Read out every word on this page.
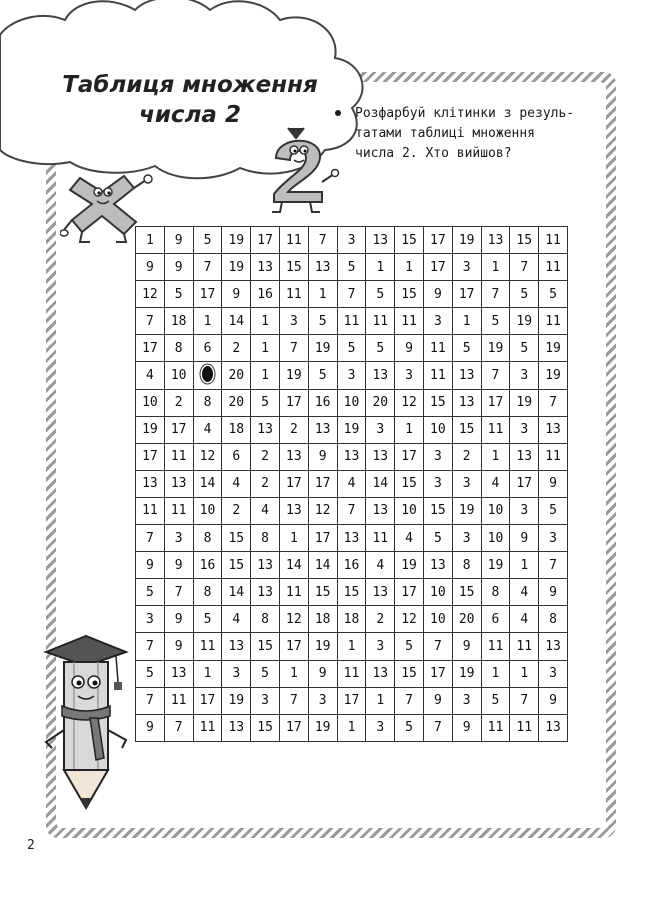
Таблиця множення
числа 2	Розфарбуй клітинки з резуль-
татами таблиці множення
числа 2. Хто вийшов?
1	9	5	19	17	11	7	3	13	15	17	19	13	15	11
9	9	7	19	13	15	13	5	1	1	17	3	1	7	11
12	5	17	9	16	11	1	7	5	15	9	17	7	5	5
7	18	1	14	1	3	5	11	11	11	3	1	5	19	11
17	8	6	2	1	7	19	5	5	9	11	5	19	5	19
4	10		20	1	19	5	3	13	3	11	13	7	3	19
10	2	8	20	5	17	16	10	20	12	15	13	17	19	7
19	17	4	18	13	2	13	19	3	1	10	15	11	3	13
17	11	12	6	2	13	9	13	13	17	3	2	1	13	11
13	13	14	4	2	17	17	4	14	15	3	3	4	17	9
11	11	10	2	4	13	12	7	13	10	15	19	10	3	5
7	3	8	15	8	1	17	13	11	4	5	3	10	9	3
9	9	16	15	13	14	14	16	4	19	13	8	19	1	7
5	7	8	14	13	11	15	15	13	17	10	15	8	4	9
3	9	5	4	8	12	18	18	2	12	10	20	6	4	8
7	9	11	13	15	17	19	1	3	5	7	9	11	11	13
5	13	1	3	5	1	9	11	13	15	17	19	1	1	3
7	11	17	19	3	7	3	17	1	7	9	3	5	7	9
9	7	11	13	15	17	19	1	3	5	7	9	11	11	13
2
